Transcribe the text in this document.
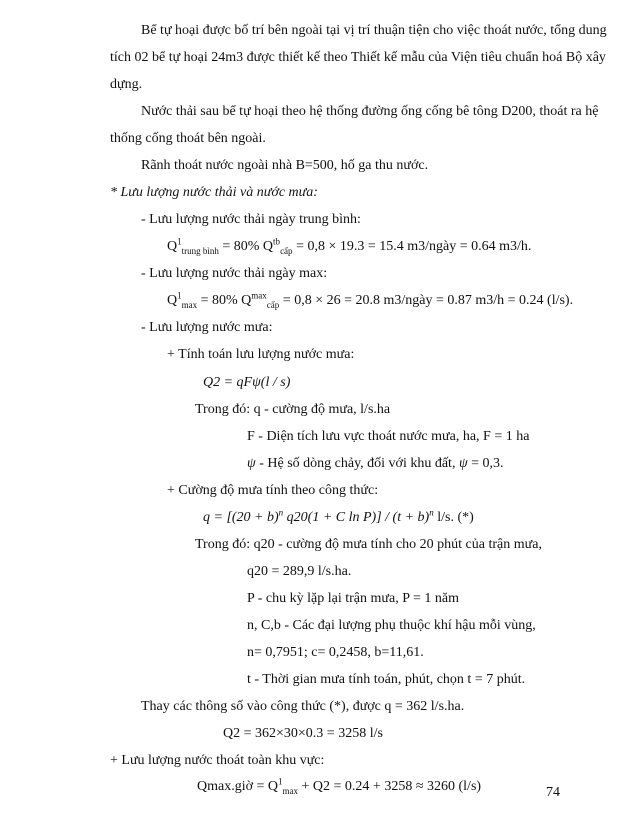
Bể tự hoại được bố trí bên ngoài tại vị trí thuận tiện cho việc thoát nước, tổng dung
tích 02 bể tự hoại 24m3 được thiết kế theo Thiết kế mẫu của Viện tiêu chuẩn hoá Bộ xây
dựng.
Nước thải sau bể tự hoại theo hệ thống đường ống cống bê tông D200, thoát ra hệ
thống cống thoát bên ngoài.
Rãnh thoát nước ngoài nhà B=500, hố ga thu nước.
* Lưu lượng nước thải và nước mưa:
- Lưu lượng nước thải ngày trung bình:
$Q^1_{trung bình} = 80\%$ $Q^{tb}_{cấp} = 0,8 \times 19.3 = 15.4$ m3/ngày = 0.64 m3/h.
- Lưu lượng nước thải ngày max:
$Q^1_{max} = 80\%$ $Q^{max}_{cấp} = 0,8 \times 26 = 20.8$ m3/ngày = 0.87 m3/h = 0.24 (l/s).
- Lưu lượng nước mưa:
+ Tính toán lưu lượng nước mưa:
Q2 = qFψ(l / s)
Trong đó: q - cường độ mưa, l/s.ha
F - Diện tích lưu vực thoát nước mưa, ha, F = 1 ha
ψ - Hệ số dòng chảy, đối với khu đất, ψ = 0,3.
+ Cường độ mưa tính theo công thức:
$q = [(20 + b)^n$ q20(1 + C $\ln P)] / (t + b)^n$ l/s. (*)
Trong đó: q20 - cường độ mưa tính cho 20 phút của trận mưa,
q20 = 289,9 l/s.ha.
P - chu kỳ lặp lại trận mưa, P = 1 năm
n, C,b - Các đại lượng phụ thuộc khí hậu mỗi vùng,
n= 0,7951; c= 0,2458, b=11,61.
t - Thời gian mưa tính toán, phút, chọn t = 7 phút.
Thay các thông số vào công thức (*), được q = 362 l/s.ha.
Q2 = 362×30×0.3 = 3258 l/s
+ Lưu lượng nước thoát toàn khu vực:
74
Qmax.giờ = $Q^1_{max} + Q2 = 0.24 + 3258 \approx 3260$ (l/s)
